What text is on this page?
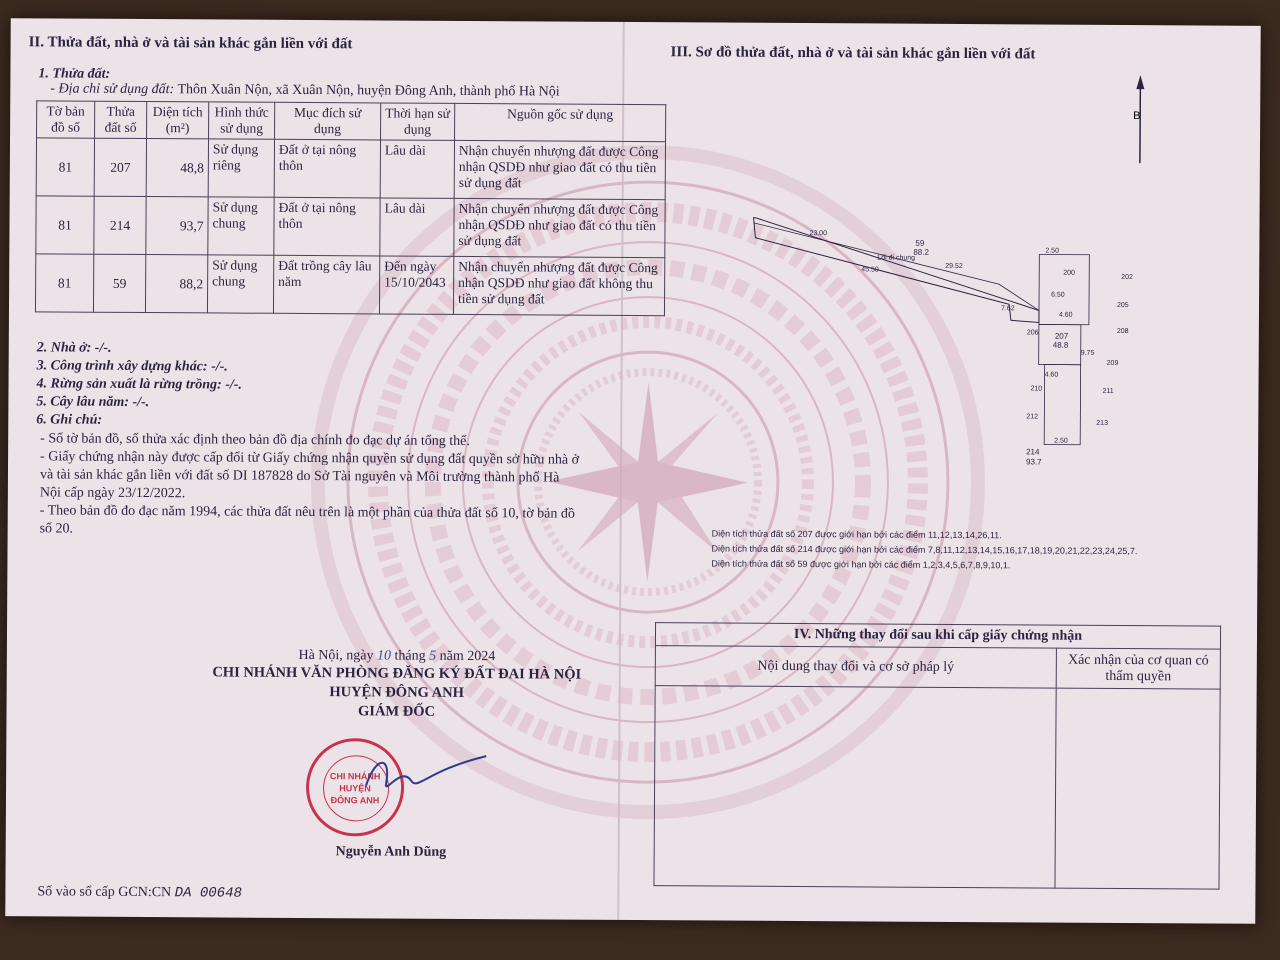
II. Thửa đất, nhà ở và tài sản khác gắn liền với đất
1. Thửa đất:
- Địa chỉ sử dụng đất: Thôn Xuân Nộn, xã Xuân Nộn, huyện Đông Anh, thành phố Hà Nội
Tờ bản đồ số	Thửa đất số	Diện tích (m²)	Hình thức sử dụng	Mục đích sử dụng	Thời hạn sử dụng	Nguồn gốc sử dụng
81	207	48,8	Sử dụng riêng	Đất ở tại nông thôn	Lâu dài	Nhận chuyển nhượng đất được Công nhận QSDĐ như giao đất có thu tiền sử dụng đất
81	214	93,7	Sử dụng chung	Đất ở tại nông thôn	Lâu dài	Nhận chuyển nhượng đất được Công nhận QSDĐ như giao đất có thu tiền sử dụng đất
81	59	88,2	Sử dụng chung	Đất trồng cây lâu năm	Đến ngày 15/10/2043	Nhận chuyển nhượng đất được Công nhận QSDĐ như giao đất không thu tiền sử dụng đất
2. Nhà ở: -/-.
3. Công trình xây dựng khác: -/-.
4. Rừng sản xuất là rừng trồng: -/-.
5. Cây lâu năm: -/-.
6. Ghi chú:

- Số tờ bản đồ, số thửa xác định theo bản đồ địa chính đo đạc dự án tổng thể.

- Giấy chứng nhận này được cấp đổi từ Giấy chứng nhận quyền sử dụng đất quyền sở hữu nhà ở và tài sản khác gắn liền với đất số DI 187828 do Sở Tài nguyên và Môi trường thành phố Hà Nội cấp ngày 23/12/2022.

- Theo bản đồ đo đạc năm 1994, các thửa đất nêu trên là một phần của thửa đất số 10, tờ bản đồ số 20.

Hà Nội, ngày 10 tháng 5 năm 2024
CHI NHÁNH VĂN PHÒNG ĐĂNG KÝ ĐẤT ĐAI HÀ NỘI
HUYỆN ĐÔNG ANH
GIÁM ĐỐC
CHI NHÁNH
HUYỆN
ĐÔNG ANH
Nguyễn Anh Dũng
Số vào sổ cấp GCN:CN DA 00648
III. Sơ đồ thửa đất, nhà ở và tài sản khác gắn liền với đất
B
Lối đi chung
23.00
45.50	29.52
7.62
2.50
6.50
4.60
4.60
9.75
2.50
59
88.2
207
48.8
214
93.7
200
202
205
206	208
209
210	211
212
213
Diện tích thửa đất số 207 được giới hạn bởi các điểm 11,12,13,14,26,11.
Diện tích thửa đất số 214 được giới hạn bởi các điểm 7,8,11,12,13,14,15,16,17,18,19,20,21,22,23,24,25,7.
Diện tích thửa đất số 59 được giới hạn bởi các điểm 1,2,3,4,5,6,7,8,9,10,1.
IV. Những thay đổi sau khi cấp giấy chứng nhận	
Nội dung thay đổi và cơ sở pháp lý	Xác nhận của cơ quan có thẩm quyền
